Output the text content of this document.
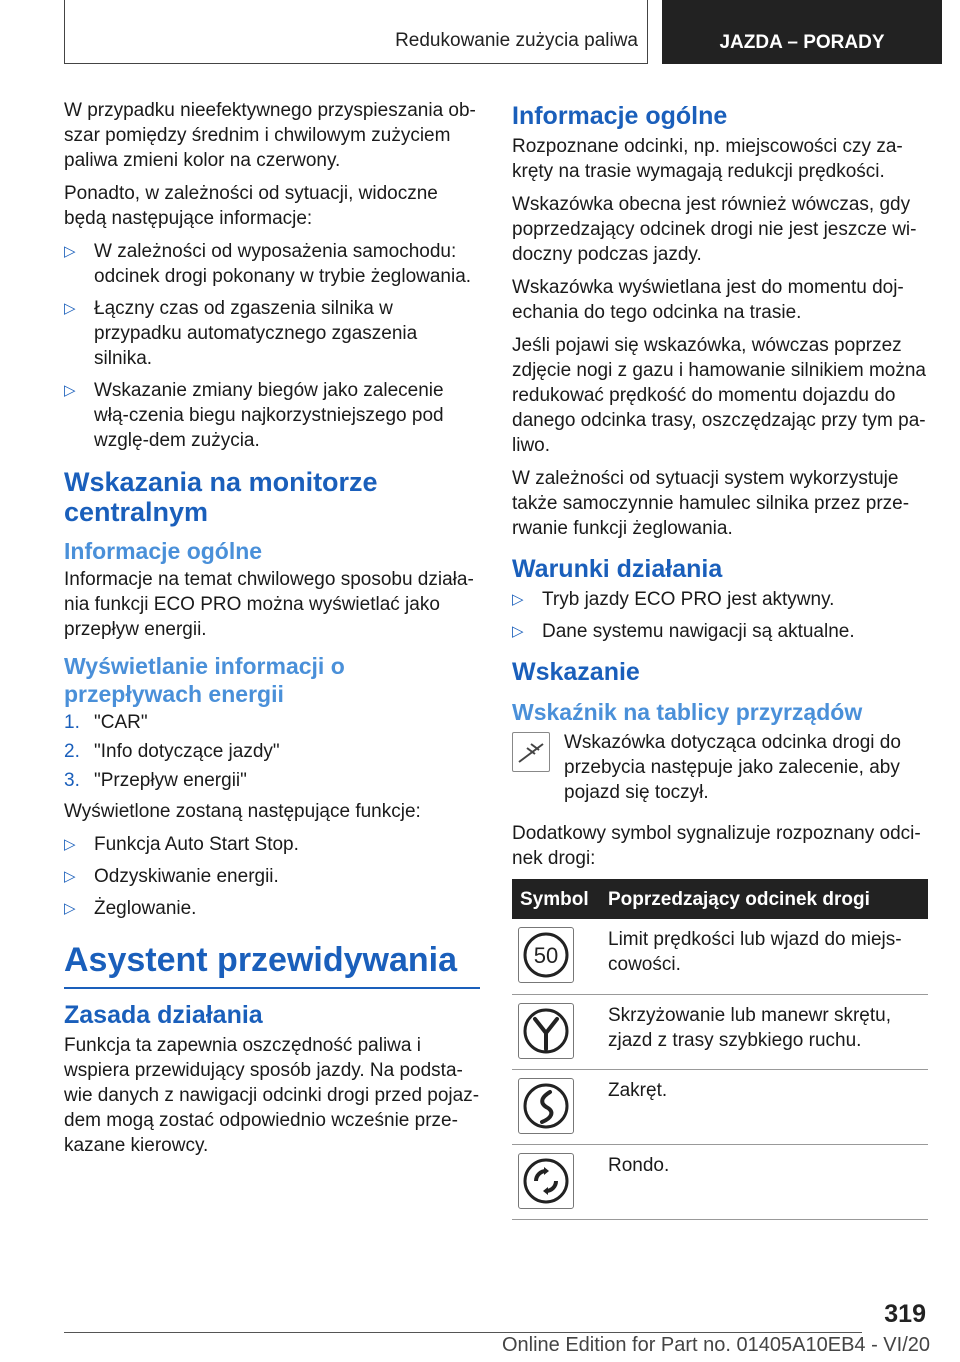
Redukowanie zużycia paliwa	JAZDA – PORADY

W przypadku nieefektywnego przyspieszania ob‐szar pomiędzy średnim i chwilowym zużyciem paliwa zmieni kolor na czerwony.

Ponadto, w zależności od sytuacji, widoczne będą następujące informacje:

▷ W zależności od wyposażenia samochodu: odcinek drogi pokonany w trybie żeglowania.
▷ Łączny czas od zgaszenia silnika w przypadku automatycznego zgaszenia silnika.
▷ Wskazanie zmiany biegów jako zalecenie włą‐czenia biegu najkorzystniejszego pod wzglę‐dem zużycia.
Wskazania na monitorze centralnym
Informacje ogólne

Informacje na temat chwilowego sposobu działa‐nia funkcji ECO PRO można wyświetlać jako przepływ energii.

Wyświetlanie informacji o przepływach energii
1. "CAR"
2. "Info dotyczące jazdy"
3. "Przepływ energii"

Wyświetlone zostaną następujące funkcje:

▷ Funkcja Auto Start Stop.
▷ Odzyskiwanie energii.
▷ Żeglowanie.
Asystent przewidywania
Zasada działania

Funkcja ta zapewnia oszczędność paliwa i wspiera przewidujący sposób jazdy. Na podsta‐wie danych z nawigacji odcinki drogi przed pojaz‐dem mogą zostać odpowiednio wcześnie prze‐kazane kierowcy.

Informacje ogólne

Rozpoznane odcinki, np. miejscowości czy za‐kręty na trasie wymagają redukcji prędkości.

Wskazówka obecna jest również wówczas, gdy poprzedzający odcinek drogi nie jest jeszcze wi‐doczny podczas jazdy.

Wskazówka wyświetlana jest do momentu doj‐echania do tego odcinka na trasie.

Jeśli pojawi się wskazówka, wówczas poprzez zdjęcie nogi z gazu i hamowanie silnikiem można redukować prędkość do momentu dojazdu do danego odcinka trasy, oszczędzając przy tym pa‐liwo.

W zależności od sytuacji system wykorzystuje także samoczynnie hamulec silnika przez prze‐rwanie funkcji żeglowania.

Warunki działania
▷ Tryb jazdy ECO PRO jest aktywny.
▷ Dane systemu nawigacji są aktualne.
Wskazanie
Wskaźnik na tablicy przyrządów

Wskazówka dotycząca odcinka drogi do przebycia następuje jako zalecenie, aby pojazd się toczył.

Dodatkowy symbol sygnalizuje rozpoznany odci‐nek drogi:

Symbol	Poprzedzający odcinek drogi

50	Limit prędkości lub wjazd do miejs‐cowości.

	Skrzyżowanie lub manewr skrętu, zjazd z trasy szybkiego ruchu.

	Zakręt.

	Rondo.
319
Online Edition for Part no. 01405A10EB4 - VI/20
